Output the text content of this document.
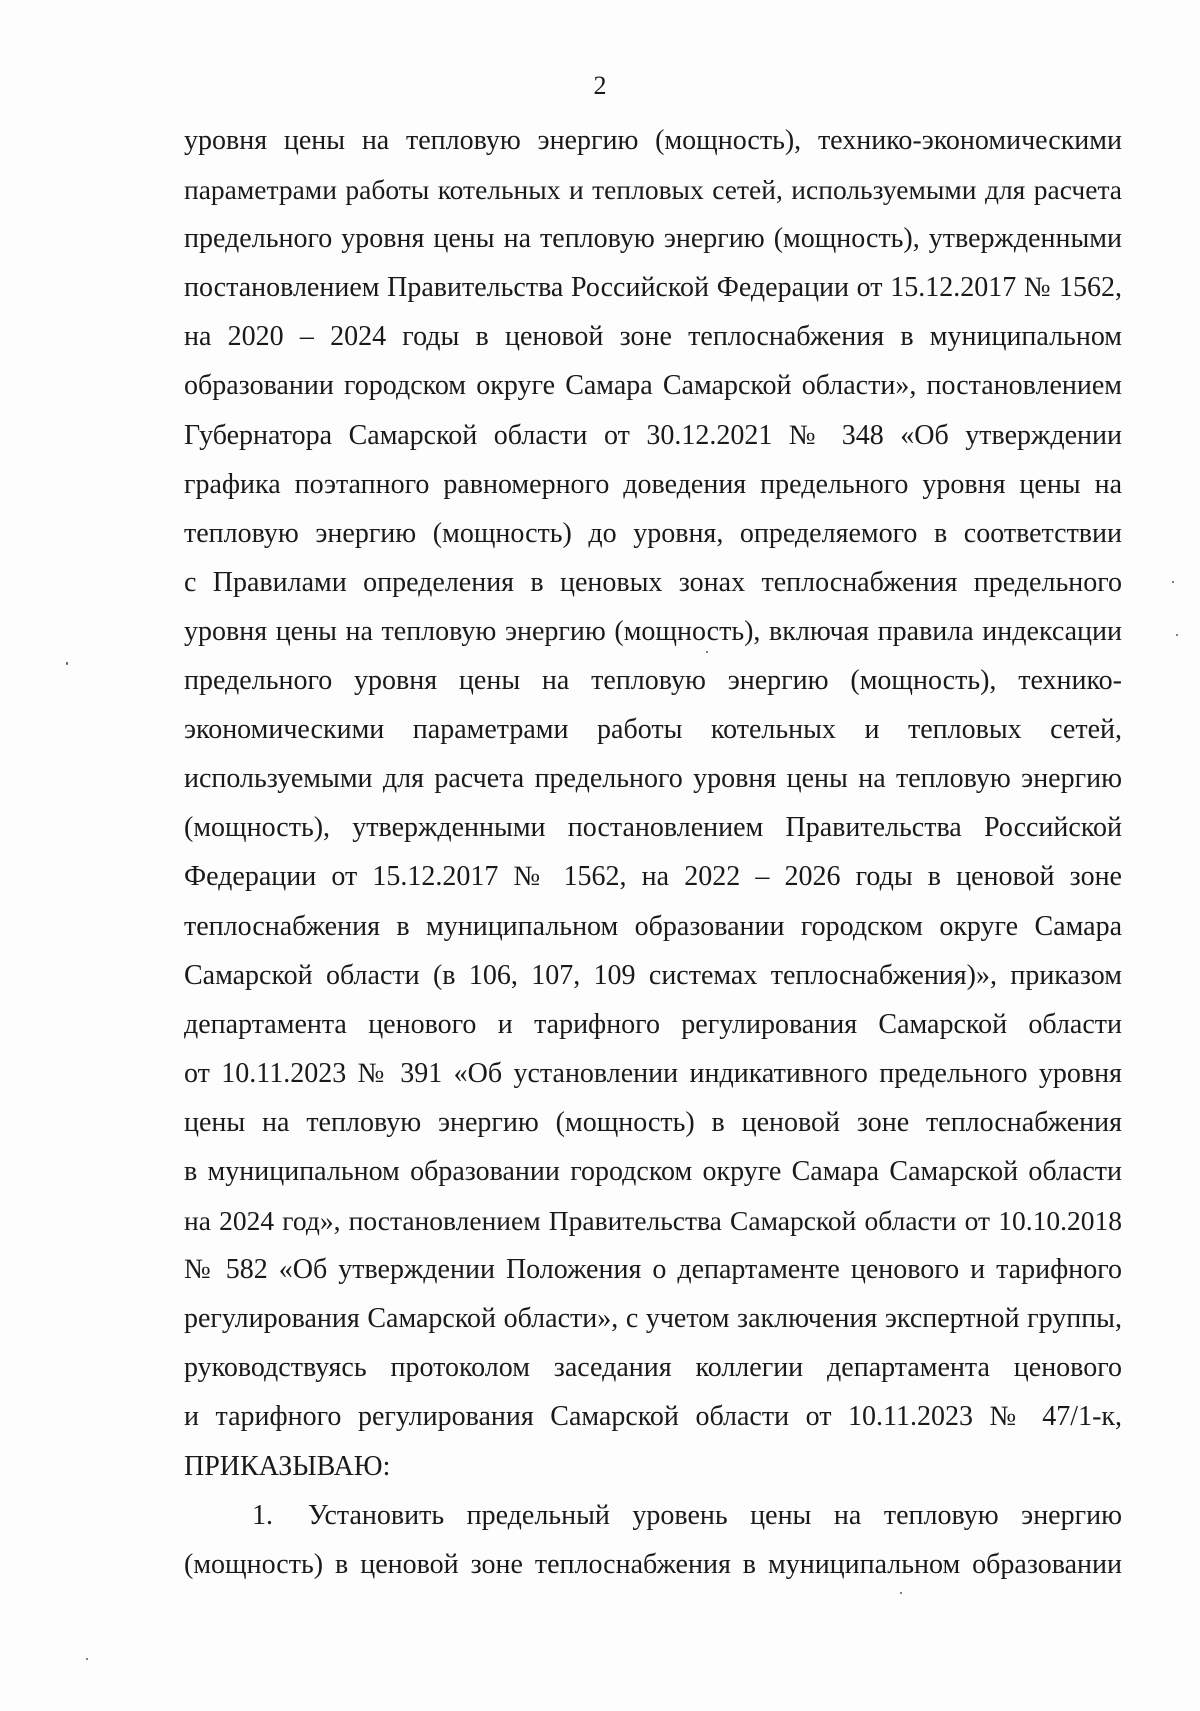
2
уровня цены на тепловую энергию (мощность), технико-экономическими
параметрами работы котельных и тепловых сетей, используемыми для расчета
предельного уровня цены на тепловую энергию (мощность), утвержденными
постановлением Правительства Российской Федерации от 15.12.2017 № 1562,
на 2020 – 2024 годы в ценовой зоне теплоснабжения в муниципальном
образовании городском округе Самара Самарской области», постановлением
Губернатора Самарской области от 30.12.2021 № 348 «Об утверждении
графика поэтапного равномерного доведения предельного уровня цены на
тепловую энергию (мощность) до уровня, определяемого в соответствии
с Правилами определения в ценовых зонах теплоснабжения предельного
уровня цены на тепловую энергию (мощность), включая правила индексации
предельного уровня цены на тепловую энергию (мощность), технико-
экономическими параметрами работы котельных и тепловых сетей,
используемыми для расчета предельного уровня цены на тепловую энергию
(мощность), утвержденными постановлением Правительства Российской
Федерации от 15.12.2017 № 1562, на 2022 – 2026 годы в ценовой зоне
теплоснабжения в муниципальном образовании городском округе Самара
Самарской области (в 106, 107, 109 системах теплоснабжения)», приказом
департамента ценового и тарифного регулирования Самарской области
от 10.11.2023 № 391 «Об установлении индикативного предельного уровня
цены на тепловую энергию (мощность) в ценовой зоне теплоснабжения
в муниципальном образовании городском округе Самара Самарской области
на 2024 год», постановлением Правительства Самарской области от 10.10.2018
№ 582 «Об утверждении Положения о департаменте ценового и тарифного
регулирования Самарской области», с учетом заключения экспертной группы,
руководствуясь протоколом заседания коллегии департамента ценового
и тарифного регулирования Самарской области от 10.11.2023 № 47/1-к,
ПРИКАЗЫВАЮ:
1. Установить предельный уровень цены на тепловую энергию
(мощность) в ценовой зоне теплоснабжения в муниципальном образовании
